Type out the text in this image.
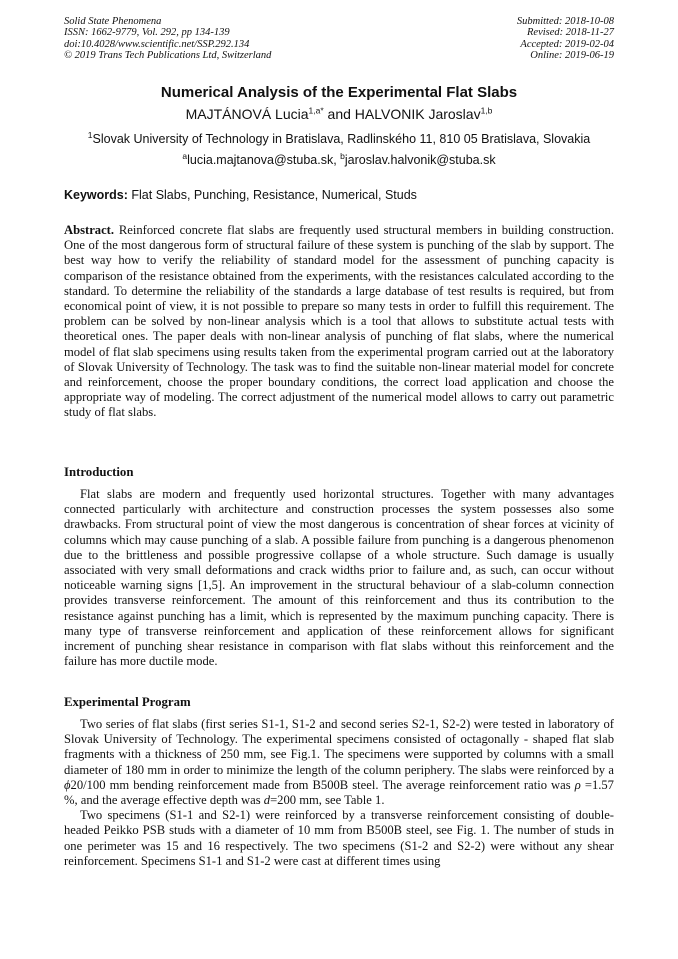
Solid State Phenomena
ISSN: 1662-9779, Vol. 292, pp 134-139
doi:10.4028/www.scientific.net/SSP.292.134
© 2019 Trans Tech Publications Ltd, Switzerland
Submitted: 2018-10-08
Revised: 2018-11-27
Accepted: 2019-02-04
Online: 2019-06-19
Numerical Analysis of the Experimental Flat Slabs
MAJTÁNOVÁ Lucia$^{1,a*}$ and HALVONIK Jaroslav$^{1,b}$
$^1$Slovak University of Technology in Bratislava, Radlinského 11, 810 05 Bratislava, Slovakia
$^a$lucia.majtanova@stuba.sk, $^b$jaroslav.halvonik@stuba.sk
Keywords: Flat Slabs, Punching, Resistance, Numerical, Studs

Abstract. Reinforced concrete flat slabs are frequently used structural members in building construction. One of the most dangerous form of structural failure of these system is punching of the slab by support. The best way how to verify the reliability of standard model for the assessment of punching capacity is comparison of the resistance obtained from the experiments, with the resistances calculated according to the standard. To determine the reliability of the standards a large database of test results is required, but from economical point of view, it is not possible to prepare so many tests in order to fulfill this requirement. The problem can be solved by non-linear analysis which is a tool that allows to substitute actual tests with theoretical ones. The paper deals with non-linear analysis of punching of flat slabs, where the numerical model of flat slab specimens using results taken from the experimental program carried out at the laboratory of Slovak University of Technology. The task was to find the suitable non-linear material model for concrete and reinforcement, choose the proper boundary conditions, the correct load application and choose the appropriate way of modeling. The correct adjustment of the numerical model allows to carry out parametric study of flat slabs.

Introduction

Flat slabs are modern and frequently used horizontal structures. Together with many advantages connected particularly with architecture and construction processes the system possesses also some drawbacks. From structural point of view the most dangerous is concentration of shear forces at vicinity of columns which may cause punching of a slab. A possible failure from punching is a dangerous phenomenon due to the brittleness and possible progressive collapse of a whole structure. Such damage is usually associated with very small deformations and crack widths prior to failure and, as such, can occur without noticeable warning signs [1,5]. An improvement in the structural behaviour of a slab-column connection provides transverse reinforcement. The amount of this reinforcement and thus its contribution to the resistance against punching has a limit, which is represented by the maximum punching capacity. There is many type of transverse reinforcement and application of these reinforcement allows for significant increment of punching shear resistance in comparison with flat slabs without this reinforcement and the failure has more ductile mode.

Experimental Program

Two series of flat slabs (first series S1-1, S1-2 and second series S2-1, S2-2) were tested in laboratory of Slovak University of Technology. The experimental specimens consisted of octagonally - shaped flat slab fragments with a thickness of 250 mm, see Fig.1. The specimens were supported by columns with a small diameter of 180 mm in order to minimize the length of the column periphery. The slabs were reinforced by a ϕ20/100 mm bending reinforcement made from B500B steel. The average reinforcement ratio was ρ =1.57 %, and the average effective depth was d=200 mm, see Table 1.

Two specimens (S1-1 and S2-1) were reinforced by a transverse reinforcement consisting of double-headed Peikko PSB studs with a diameter of 10 mm from B500B steel, see Fig. 1. The number of studs in one perimeter was 15 and 16 respectively. The two specimens (S1-2 and S2-2) were without any shear reinforcement. Specimens S1-1 and S1-2 were cast at different times using
